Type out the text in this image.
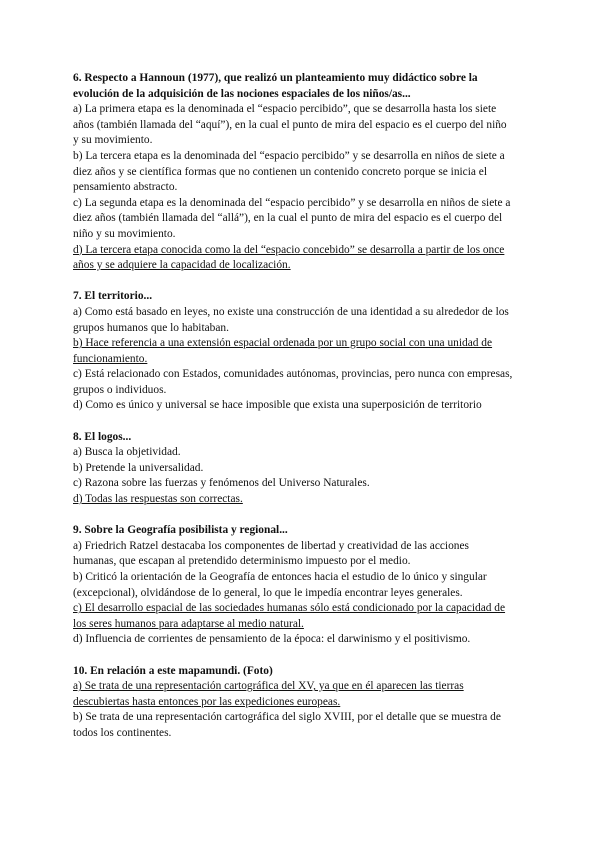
6. Respecto a Hannoun (1977), que realizó un planteamiento muy didáctico sobre la evolución de la adquisición de las nociones espaciales de los niños/as...

a) La primera etapa es la denominada el “espacio percibido”, que se desarrolla hasta los siete años (también llamada del “aquí”), en la cual el punto de mira del espacio es el cuerpo del niño y su movimiento.

b) La tercera etapa es la denominada del “espacio percibido” y se desarrolla en niños de siete a diez años y se científica formas que no contienen un contenido concreto porque se inicia el pensamiento abstracto.

c) La segunda etapa es la denominada del “espacio percibido” y se desarrolla en niños de siete a diez años (también llamada del “allá”), en la cual el punto de mira del espacio es el cuerpo del niño y su movimiento.

d) La tercera etapa conocida como la del “espacio concebido” se desarrolla a partir de los once años y se adquiere la capacidad de localización.

7. El territorio...

a) Como está basado en leyes, no existe una construcción de una identidad a su alrededor de los grupos humanos que lo habitaban.

b) Hace referencia a una extensión espacial ordenada por un grupo social con una unidad de funcionamiento.

c) Está relacionado con Estados, comunidades autónomas, provincias, pero nunca con empresas, grupos o individuos.

d) Como es único y universal se hace imposible que exista una superposición de territorio

8. El logos...

a) Busca la objetividad.

b) Pretende la universalidad.

c) Razona sobre las fuerzas y fenómenos del Universo Naturales.

d) Todas las respuestas son correctas.

9. Sobre la Geografía posibilista y regional...

a) Friedrich Ratzel destacaba los componentes de libertad y creatividad de las acciones humanas, que escapan al pretendido determinismo impuesto por el medio.

b) Criticó la orientación de la Geografía de entonces hacia el estudio de lo único y singular (excepcional), olvidándose de lo general, lo que le impedía encontrar leyes generales.

c) El desarrollo espacial de las sociedades humanas sólo está condicionado por la capacidad de los seres humanos para adaptarse al medio natural.

d) Influencia de corrientes de pensamiento de la época: el darwinismo y el positivismo.

10. En relación a este mapamundi. (Foto)

a) Se trata de una representación cartográfica del XV, ya que en él aparecen las tierras descubiertas hasta entonces por las expediciones europeas.

b) Se trata de una representación cartográfica del siglo XVIII, por el detalle que se muestra de todos los continentes.
